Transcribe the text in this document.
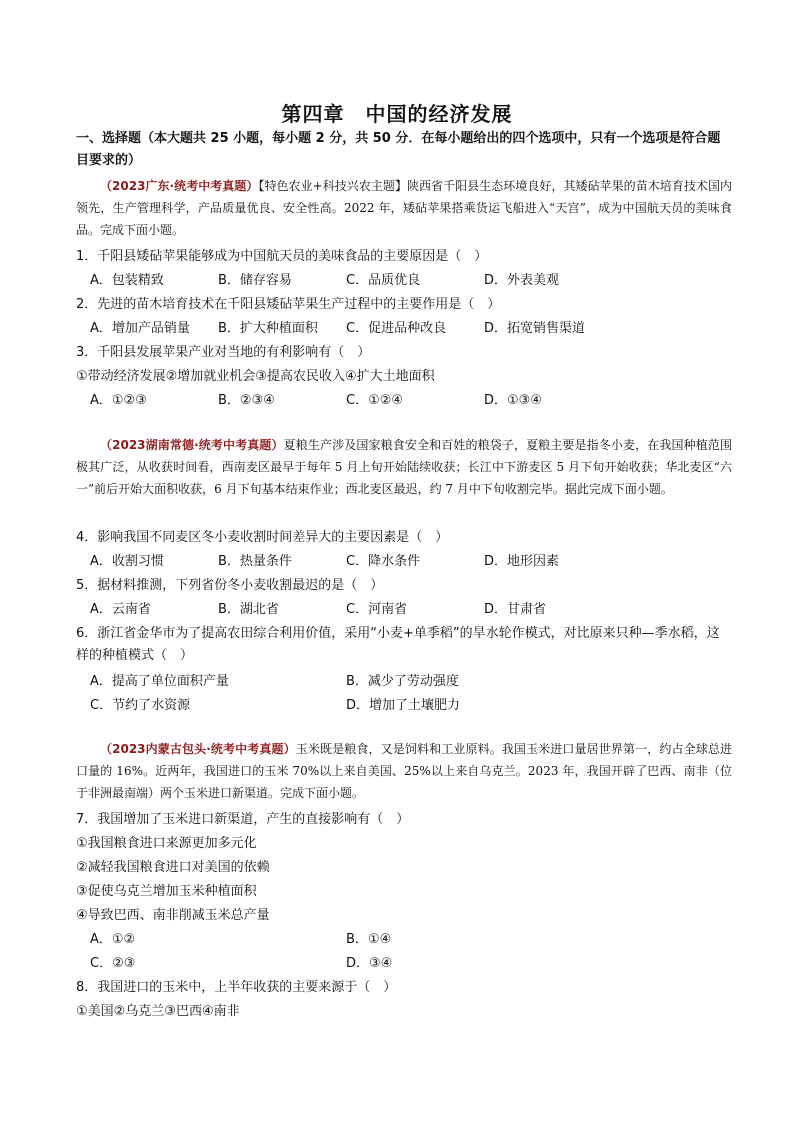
第四章　中国的经济发展
一、选择题（本大题共 25 小题，每小题 2 分，共 50 分．在每小题给出的四个选项中，只有一个选项是符合题目要求的）
（2023广东·统考中考真题）【特色农业+科技兴农主题】陕西省千阳县生态环境良好，其矮砧苹果的苗木培育技术国内领先，生产管理科学，产品质量优良、安全性高。2022 年，矮砧苹果搭乘货运飞船进入“天宫”，成为中国航天员的美味食品。完成下面小题。
1．千阳县矮砧苹果能够成为中国航天员的美味食品的主要原因是（　）
A．包装精致	B．储存容易	C．品质优良	D．外表美观
2．先进的苗木培育技术在千阳县矮砧苹果生产过程中的主要作用是（　）
A．增加产品销量 B．扩大种植面积 C．促进品种改良	D．拓宽销售渠道
3．千阳县发展苹果产业对当地的有利影响有（　）
①带动经济发展②增加就业机会③提高农民收入④扩大土地面积
A．①②③	B．②③④	C．①②④	D．①③④
（2023湖南常德·统考中考真题）夏粮生产涉及国家粮食安全和百姓的粮袋子，夏粮主要是指冬小麦，在我国种植范围极其广泛，从收获时间看，西南麦区最早于每年 5 月上旬开始陆续收获；长江中下游麦区 5 月下旬开始收获；华北麦区“六一”前后开始大面积收获，6 月下旬基本结束作业；西北麦区最迟，约 7 月中下旬收割完毕。据此完成下面小题。
4．影响我国不同麦区冬小麦收割时间差异大的主要因素是（　）
A．收割习惯	B．热量条件	C．降水条件	D．地形因素
5．据材料推测，下列省份冬小麦收割最迟的是（　）
A．云南省	B．湖北省	C．河南省	D．甘肃省
6．浙江省金华市为了提高农田综合利用价值，采用“小麦+单季稻”的旱水轮作模式，对比原来只种—季水稻，这样的种植模式（　）
A．提高了单位面积产量	B．减少了劳动强度
C．节约了水资源	D．增加了土壤肥力
（2023内蒙古包头·统考中考真题）玉米既是粮食，又是饲料和工业原料。我国玉米进口量居世界第一，约占全球总进口量的 16%。近两年，我国进口的玉米 70%以上来自美国、25%以上来自乌克兰。2023 年，我国开辟了巴西、南非（位于非洲最南端）两个玉米进口新渠道。完成下面小题。
7．我国增加了玉米进口新渠道，产生的直接影响有（　）
①我国粮食进口来源更加多元化
②减轻我国粮食进口对美国的依赖
③促使乌克兰增加玉米种植面积
④导致巴西、南非削减玉米总产量
A．①②	B．①④
C．②③	D．③④
8．我国进口的玉米中，上半年收获的主要来源于（　）
①美国②乌克兰③巴西④南非
